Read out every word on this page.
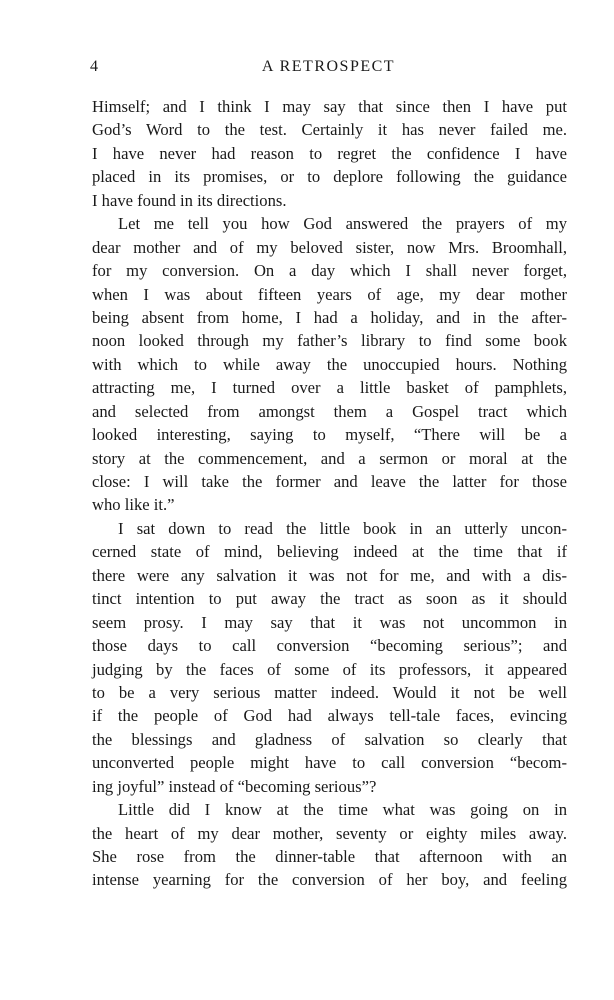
4	A RETROSPECT
Himself; and I think I may say that since then I have put
God’s Word to the test. Certainly it has never failed me.
I have never had reason to regret the confidence I have
placed in its promises, or to deplore following the guidance
I have found in its directions.
Let me tell you how God answered the prayers of my
dear mother and of my beloved sister, now Mrs. Broomhall,
for my conversion. On a day which I shall never forget,
when I was about fifteen years of age, my dear mother
being absent from home, I had a holiday, and in the after-
noon looked through my father’s library to find some book
with which to while away the unoccupied hours. Nothing
attracting me, I turned over a little basket of pamphlets,
and selected from amongst them a Gospel tract which
looked interesting, saying to myself, “There will be a
story at the commencement, and a sermon or moral at the
close: I will take the former and leave the latter for those
who like it.”
I sat down to read the little book in an utterly uncon-
cerned state of mind, believing indeed at the time that if
there were any salvation it was not for me, and with a dis-
tinct intention to put away the tract as soon as it should
seem prosy. I may say that it was not uncommon in
those days to call conversion “becoming serious”; and
judging by the faces of some of its professors, it appeared
to be a very serious matter indeed. Would it not be well
if the people of God had always tell-tale faces, evincing
the blessings and gladness of salvation so clearly that
unconverted people might have to call conversion “becom-
ing joyful” instead of “becoming serious”?
Little did I know at the time what was going on in
the heart of my dear mother, seventy or eighty miles away.
She rose from the dinner-table that afternoon with an
intense yearning for the conversion of her boy, and feeling
